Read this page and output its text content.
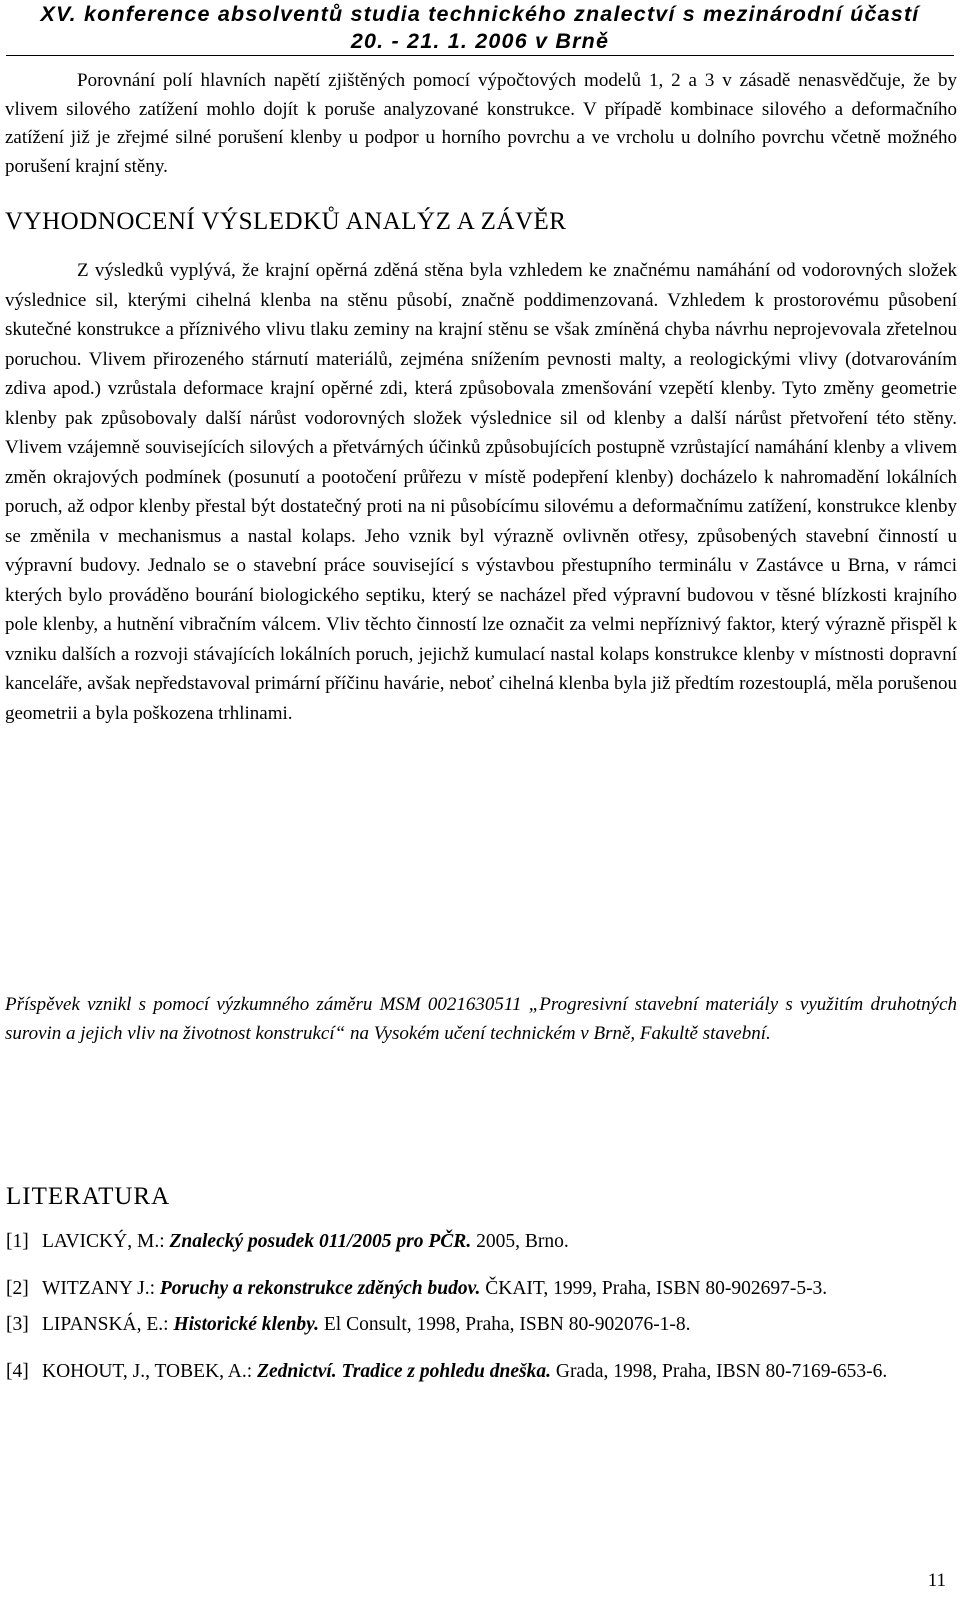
XV. konference absolventů studia technického znalectví s mezinárodní účastí
20. - 21. 1. 2006 v Brně

Porovnání polí hlavních napětí zjištěných pomocí výpočtových modelů 1, 2 a 3 v zásadě nenasvědčuje, že by vlivem silového zatížení mohlo dojít k poruše analyzované konstrukce. V případě kombinace silového a deformačního zatížení již je zřejmé silné porušení klenby u podpor u horního povrchu a ve vrcholu u dolního povrchu včetně možného porušení krajní stěny.

VYHODNOCENÍ VÝSLEDKŮ ANALÝZ A ZÁVĚR

Z výsledků vyplývá, že krajní opěrná zděná stěna byla vzhledem ke značnému namáhání od vodorovných složek výslednice sil, kterými cihelná klenba na stěnu působí, značně poddimenzovaná. Vzhledem k prostorovému působení skutečné konstrukce a příznivého vlivu tlaku zeminy na krajní stěnu se však zmíněná chyba návrhu neprojevovala zřetelnou poruchou. Vlivem přirozeného stárnutí materiálů, zejména snížením pevnosti malty, a reologickými vlivy (dotvarováním zdiva apod.) vzrůstala deformace krajní opěrné zdi, která způsobovala zmenšování vzepětí klenby. Tyto změny geometrie klenby pak způsobovaly další nárůst vodorovných složek výslednice sil od klenby a další nárůst přetvoření této stěny. Vlivem vzájemně souvisejících silových a přetvárných účinků způsobujících postupně vzrůstající namáhání klenby a vlivem změn okrajových podmínek (posunutí a pootočení průřezu v místě podepření klenby) docházelo k nahromadění lokálních poruch, až odpor klenby přestal být dostatečný proti na ni působícímu silovému a deformačnímu zatížení, konstrukce klenby se změnila v mechanismus a nastal kolaps. Jeho vznik byl výrazně ovlivněn otřesy, způsobených stavební činností u výpravní budovy. Jednalo se o stavební práce související s výstavbou přestupního terminálu v Zastávce u Brna, v rámci kterých bylo prováděno bourání biologického septiku, který se nacházel před výpravní budovou v těsné blízkosti krajního pole klenby, a hutnění vibračním válcem. Vliv těchto činností lze označit za velmi nepříznivý faktor, který výrazně přispěl k vzniku dalších a rozvoji stávajících lokálních poruch, jejichž kumulací nastal kolaps konstrukce klenby v místnosti dopravní kanceláře, avšak nepředstavoval primární příčinu havárie, neboť cihelná klenba byla již předtím rozestouplá, měla porušenou geometrii a byla poškozena trhlinami.

Příspěvek vznikl s pomocí výzkumného záměru MSM 0021630511 „Progresivní stavební materiály s využitím druhotných surovin a jejich vliv na životnost konstrukcí“ na Vysokém učení technickém v Brně, Fakultě stavební.

LITERATURA
[1] LAVICKÝ, M.: Znalecký posudek 011/2005 pro PČR. 2005, Brno.
[2] WITZANY J.: Poruchy a rekonstrukce zděných budov. ČKAIT, 1999, Praha, ISBN 80-902697-5-3.
[3] LIPANSKÁ, E.: Historické klenby. El Consult, 1998, Praha, ISBN 80-902076-1-8.
[4] KOHOUT, J., TOBEK, A.: Zednictví. Tradice z pohledu dneška. Grada, 1998, Praha, IBSN 80-7169-653-6.
11
